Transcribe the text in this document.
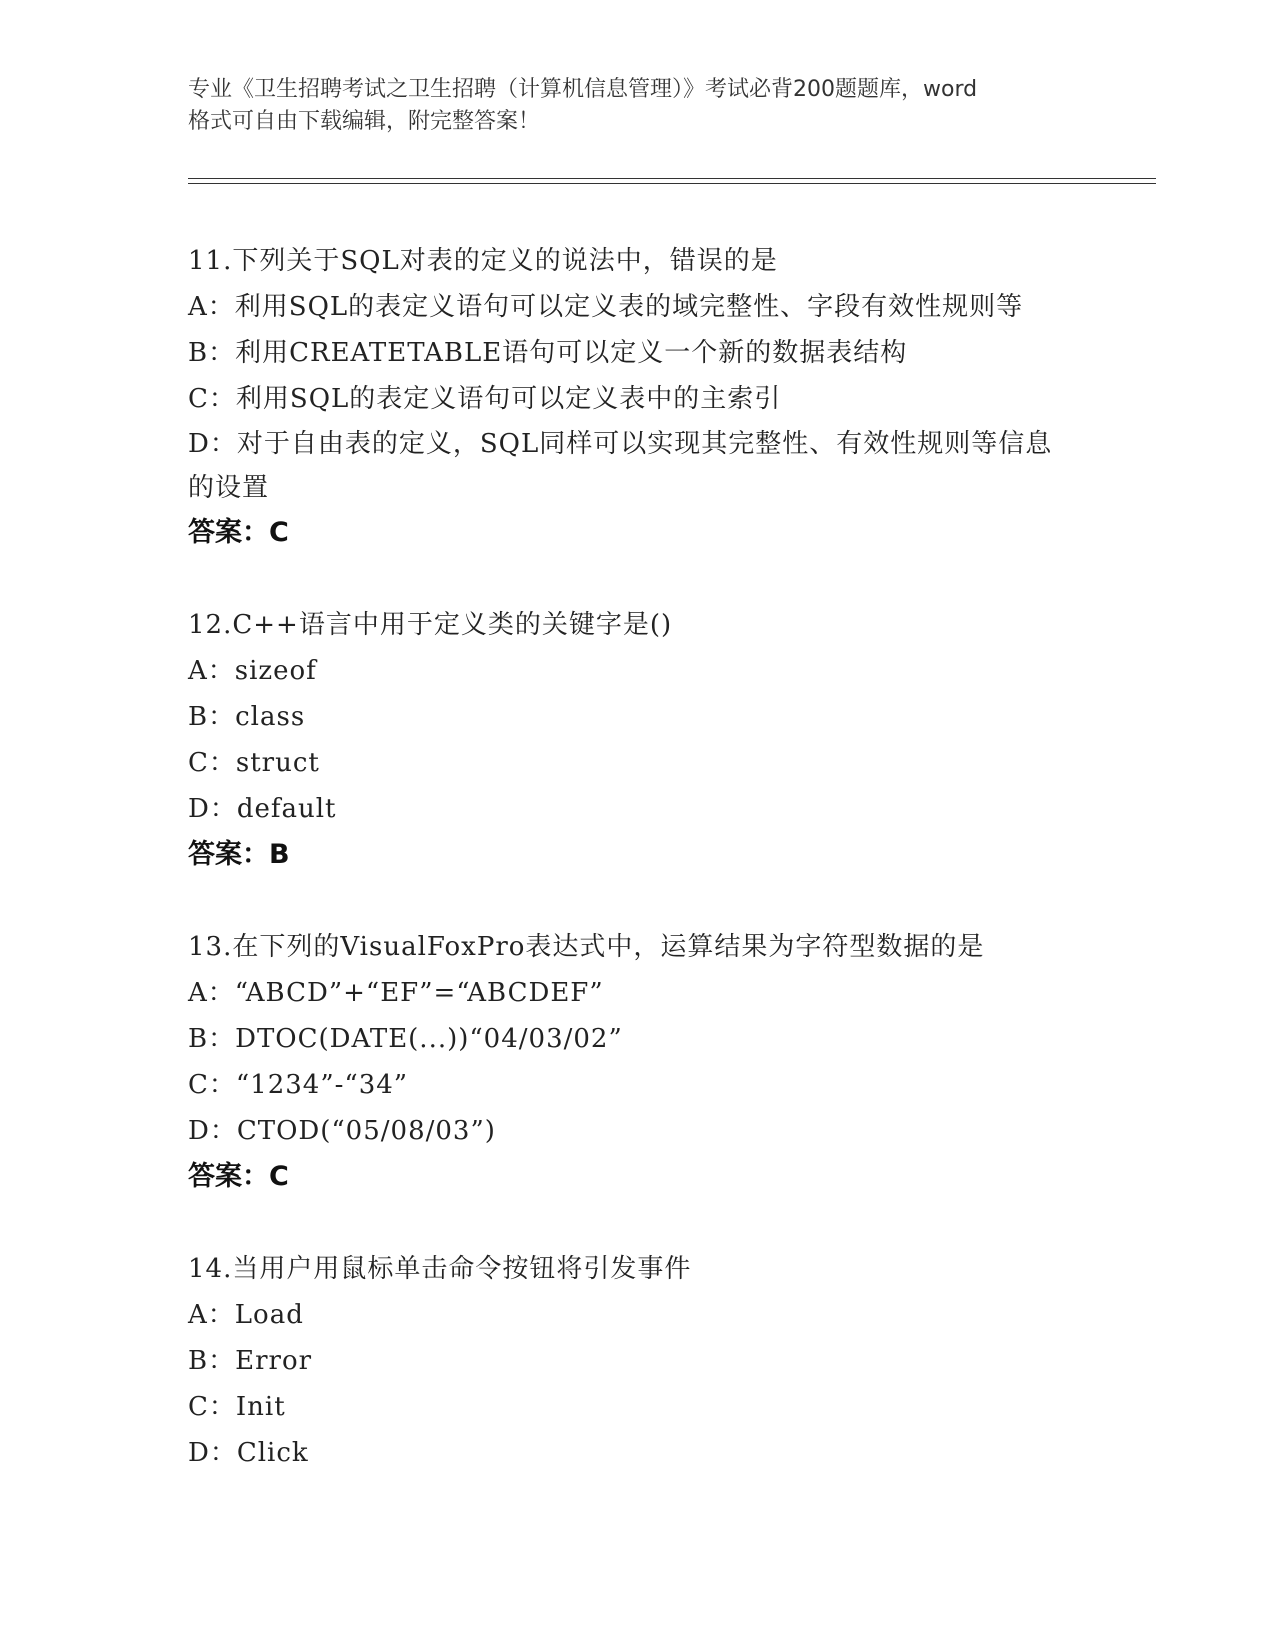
专业《卫生招聘考试之卫生招聘（计算机信息管理）》考试必背200题题库，word
格式可自由下载编辑，附完整答案！
11.下列关于SQL对表的定义的说法中，错误的是
A：利用SQL的表定义语句可以定义表的域完整性、字段有效性规则等
B：利用CREATETABLE语句可以定义一个新的数据表结构
C：利用SQL的表定义语句可以定义表中的主索引
D：对于自由表的定义，SQL同样可以实现其完整性、有效性规则等信息的设置
答案：C
12.C++语言中用于定义类的关键字是()
A：sizeof
B：class
C：struct
D：default
答案：B
13.在下列的VisualFoxPro表达式中，运算结果为字符型数据的是
A：“ABCD”+“EF”=“ABCDEF”
B：DTOC(DATE(...))“04/03/02”
C：“1234”-“34”
D：CTOD(“05/08/03”)
答案：C
14.当用户用鼠标单击命令按钮将引发事件
A：Load
B：Error
C：Init
D：Click
